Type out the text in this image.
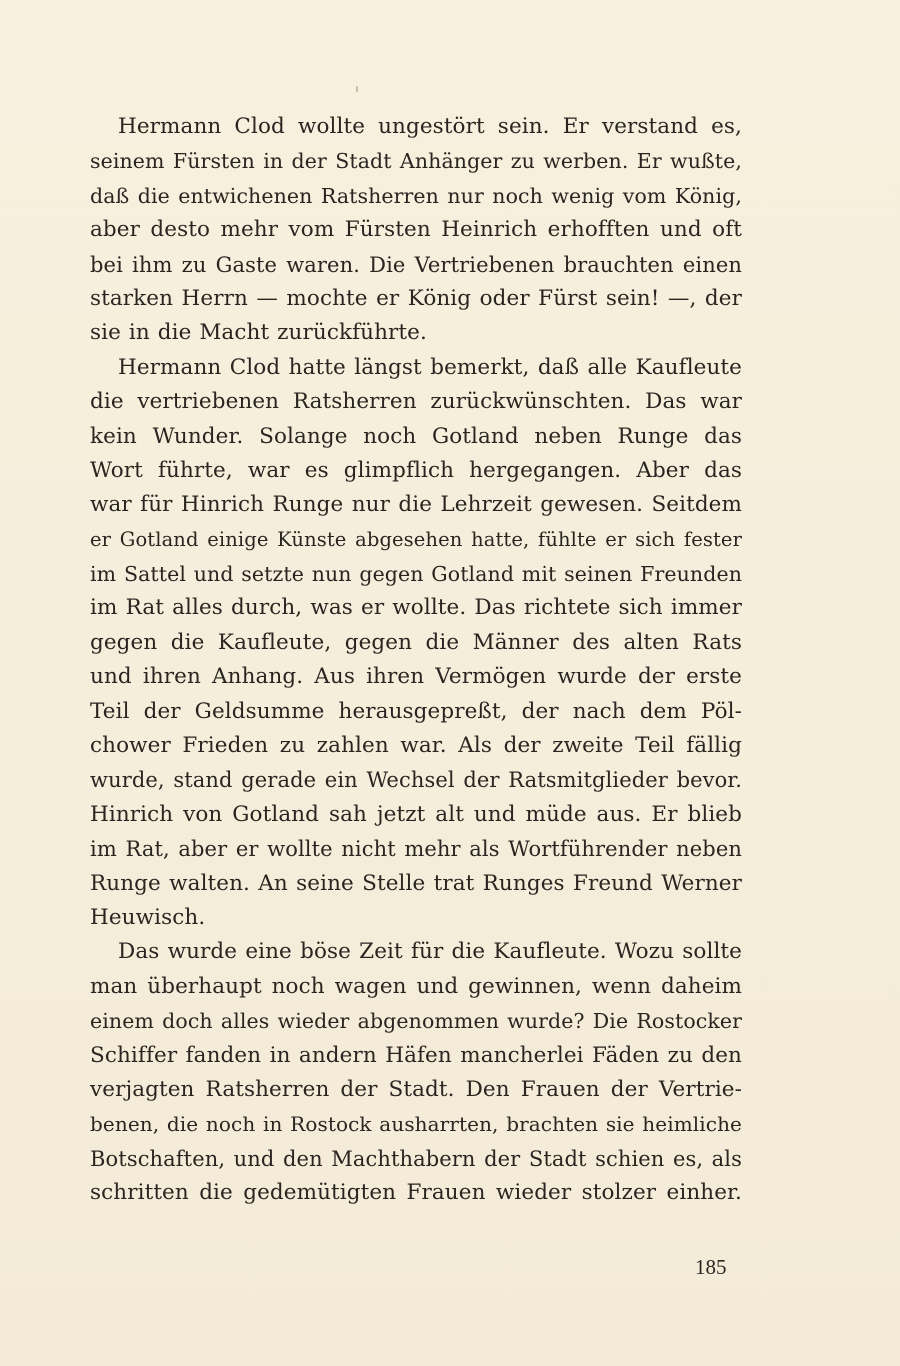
Hermann Clod wollte ungestört sein. Er verstand es,
seinem Fürsten in der Stadt Anhänger zu werben. Er wußte,
daß die entwichenen Ratsherren nur noch wenig vom König,
aber desto mehr vom Fürsten Heinrich erhofften und oft
bei ihm zu Gaste waren. Die Vertriebenen brauchten einen
starken Herrn — mochte er König oder Fürst sein! —, der
sie in die Macht zurückführte.
Hermann Clod hatte längst bemerkt, daß alle Kaufleute
die vertriebenen Ratsherren zurückwünschten. Das war
kein Wunder. Solange noch Gotland neben Runge das
Wort führte, war es glimpflich hergegangen. Aber das
war für Hinrich Runge nur die Lehrzeit gewesen. Seitdem
er Gotland einige Künste abgesehen hatte, fühlte er sich fester
im Sattel und setzte nun gegen Gotland mit seinen Freunden
im Rat alles durch, was er wollte. Das richtete sich immer
gegen die Kaufleute, gegen die Männer des alten Rats
und ihren Anhang. Aus ihren Vermögen wurde der erste
Teil der Geldsumme herausgepreßt, der nach dem Pöl-
chower Frieden zu zahlen war. Als der zweite Teil fällig
wurde, stand gerade ein Wechsel der Ratsmitglieder bevor.
Hinrich von Gotland sah jetzt alt und müde aus. Er blieb
im Rat, aber er wollte nicht mehr als Wortführender neben
Runge walten. An seine Stelle trat Runges Freund Werner
Heuwisch.
Das wurde eine böse Zeit für die Kaufleute. Wozu sollte
man überhaupt noch wagen und gewinnen, wenn daheim
einem doch alles wieder abgenommen wurde? Die Rostocker
Schiffer fanden in andern Häfen mancherlei Fäden zu den
verjagten Ratsherren der Stadt. Den Frauen der Vertrie-
benen, die noch in Rostock ausharrten, brachten sie heimliche
Botschaften, und den Machthabern der Stadt schien es, als
schritten die gedemütigten Frauen wieder stolzer einher.
185
